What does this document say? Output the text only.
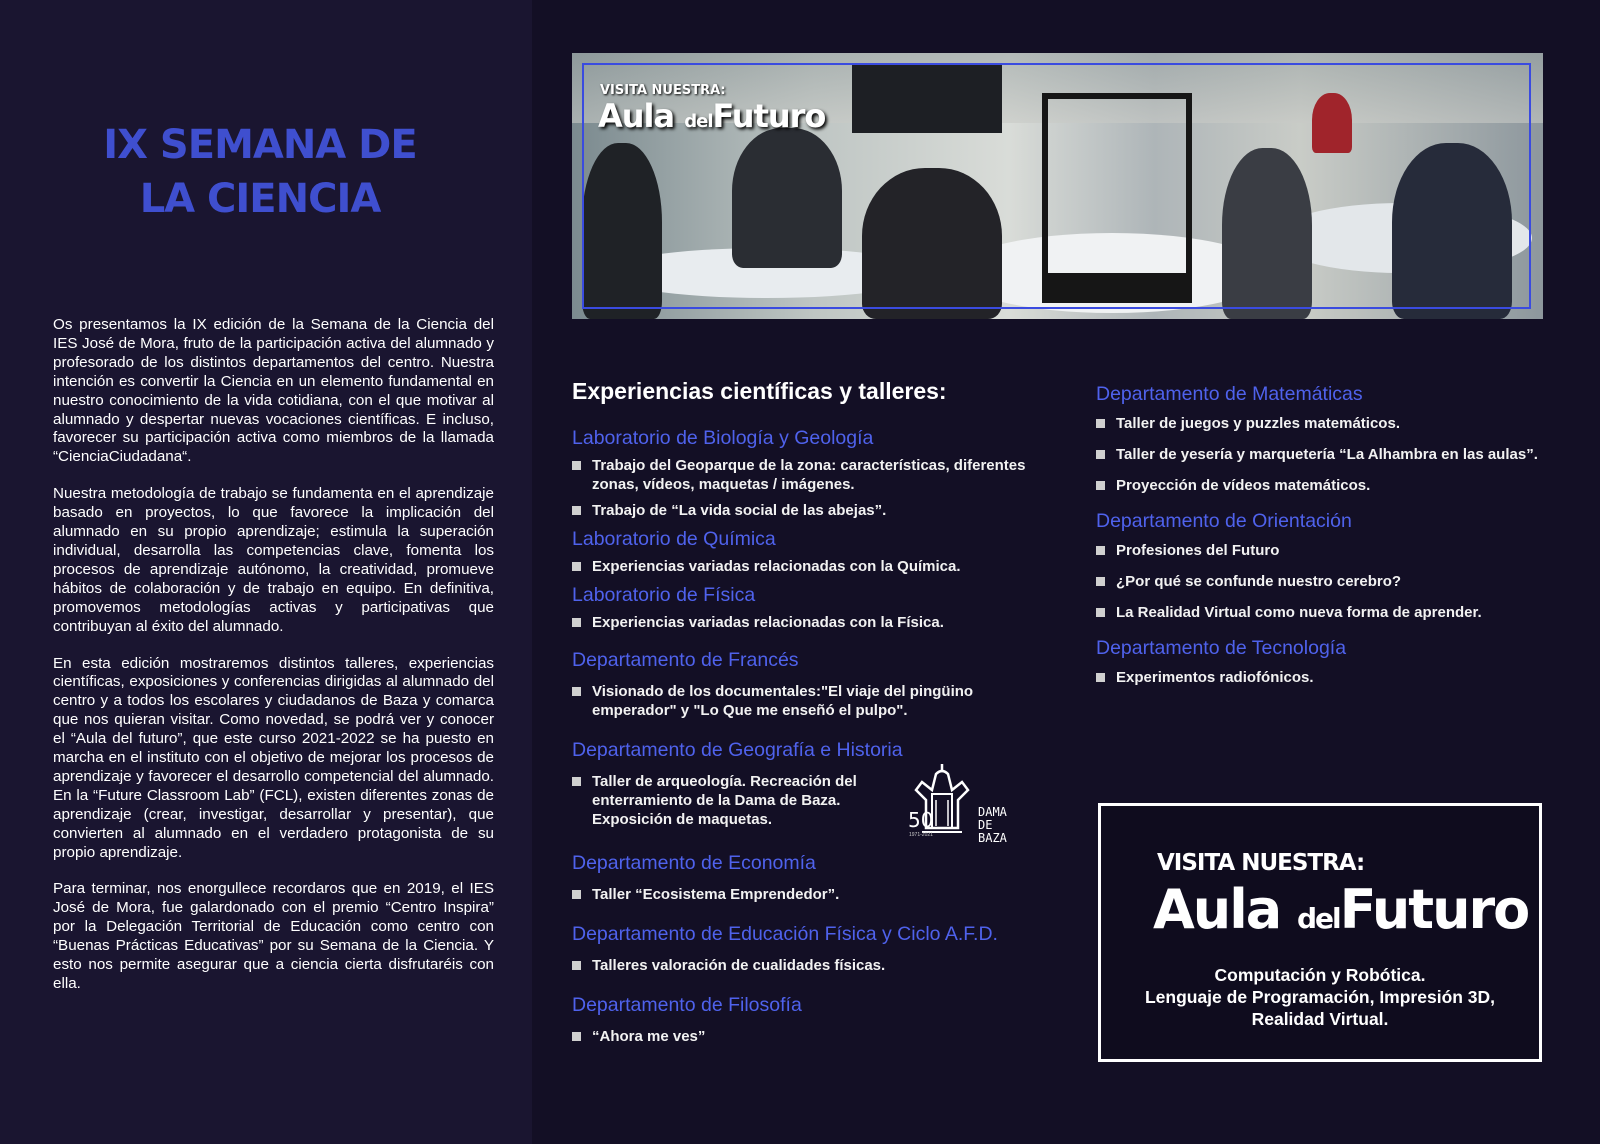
IX SEMANA DE
LA CIENCIA

Os presentamos la IX edición de la Semana de la Ciencia del IES José de Mora, fruto de la participación activa del alumnado y profesorado de los distintos departamentos del centro. Nuestra intención es convertir la Ciencia en un elemento fundamental en nuestro conocimiento de la vida cotidiana, con el que motivar al alumnado y despertar nuevas vocaciones científicas. E incluso, favorecer su participación activa como miembros de la llamada “CienciaCiudadana“.

Nuestra metodología de trabajo se fundamenta en el aprendizaje basado en proyectos, lo que favorece la implicación del alumnado en su propio aprendizaje; estimula la superación individual, desarrolla las competencias clave, fomenta los procesos de aprendizaje autónomo, la creatividad, promueve hábitos de colaboración y de trabajo en equipo. En definitiva, promovemos metodologías activas y participativas que contribuyan al éxito del alumnado.

En esta edición mostraremos distintos talleres, experiencias científicas, exposiciones y conferencias dirigidas al alumnado del centro y a todos los escolares y ciudadanos de Baza y comarca que nos quieran visitar. Como novedad, se podrá ver y conocer el “Aula del futuro”, que este curso 2021-2022 se ha puesto en marcha en el instituto con el objetivo de mejorar los procesos de aprendizaje y favorecer el desarrollo competencial del alumnado. En la “Future Classroom Lab” (FCL), existen diferentes zonas de aprendizaje (crear, investigar, desarrollar y presentar), que convierten al alumnado en el verdadero protagonista de su propio aprendizaje.

Para terminar, nos enorgullece recordaros que en 2019, el IES José de Mora, fue galardonado con el premio “Centro Inspira” por la Delegación Territorial de Educación como centro con “Buenas Prácticas Educativas” por su Semana de la Ciencia. Y esto nos permite asegurar que a ciencia cierta disfrutaréis con ella.

VISITA NUESTRA:
Aula delFuturo
Experiencias científicas y talleres:
Laboratorio de Biología y Geología
Trabajo del Geoparque de la zona: características, diferentes zonas, vídeos, maquetas / imágenes.
Trabajo de “La vida social de las abejas”.
Laboratorio de Química
Experiencias variadas relacionadas con la Química.
Laboratorio de Física
Experiencias variadas relacionadas con la Física.
Departamento de Francés
Visionado de los documentales:"El viaje del pingüino emperador" y "Lo Que me enseñó el pulpo".
Departamento de Geografía e Historia
Taller de arqueología. Recreación del enterramiento de la Dama de Baza. Exposición de maquetas.
Departamento de Economía
Taller “Ecosistema Emprendedor”.
Departamento de Educación Física y Ciclo A.F.D.
Talleres valoración de cualidades físicas.
Departamento de Filosofía
“Ahora me ves”
50
1971-2021
DAMA
DE BAZA
Departamento de Matemáticas
Taller de juegos y puzzles matemáticos.
Taller de yesería y marquetería “La Alhambra en las aulas”.
Proyección de vídeos matemáticos.
Departamento de Orientación
Profesiones del Futuro
¿Por qué se confunde nuestro cerebro?
La Realidad Virtual como nueva forma de aprender.
Departamento de Tecnología
Experimentos radiofónicos.
VISITA NUESTRA:
Aula delFuturo
Computación y Robótica.
Lenguaje de Programación, Impresión 3D,
Realidad Virtual.
